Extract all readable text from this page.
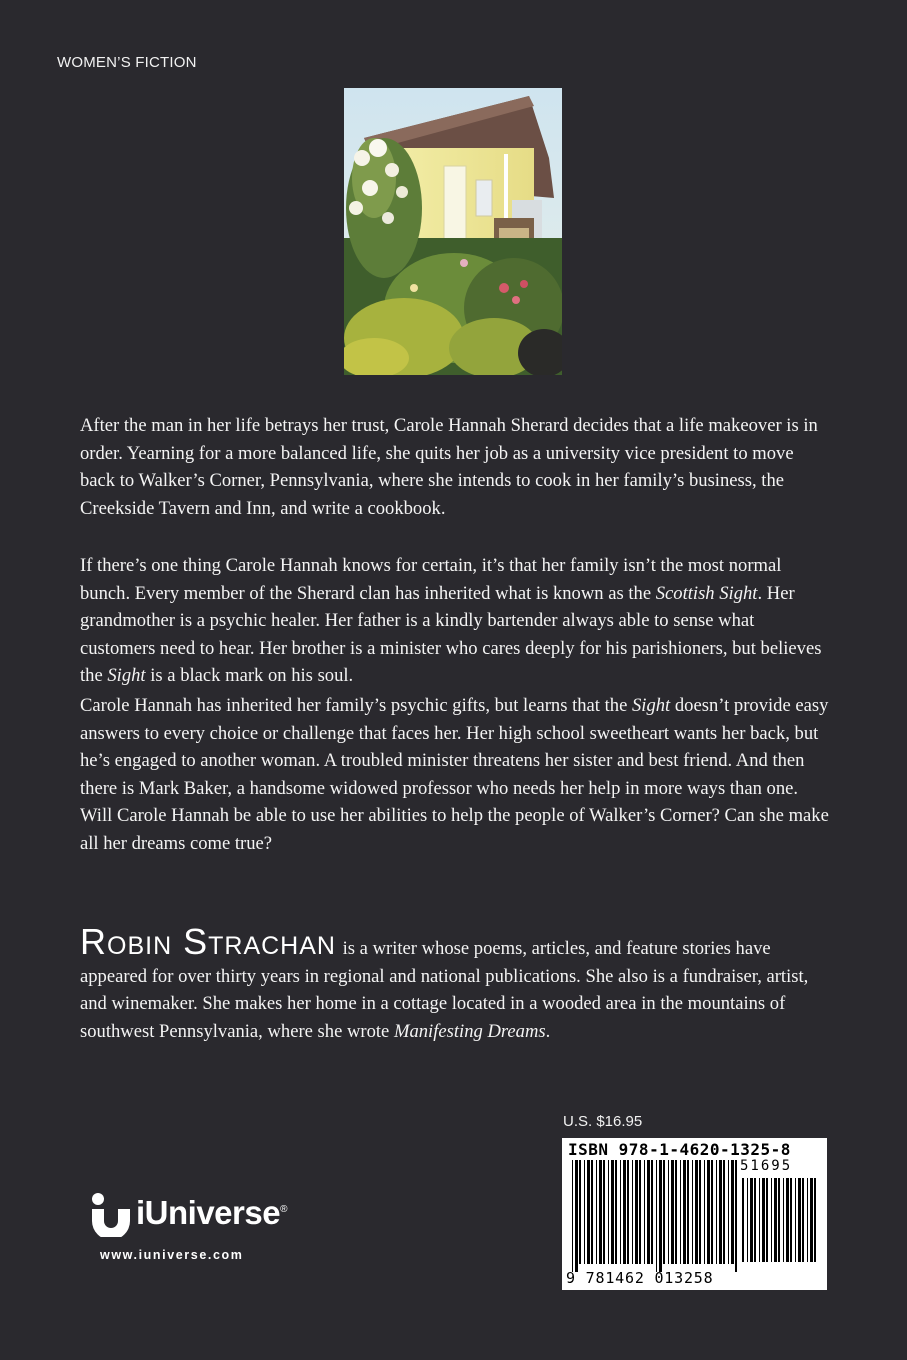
WOMEN’S FICTION

After the man in her life betrays her trust, Carole Hannah Sherard decides that a life makeover is in order. Yearning for a more balanced life, she quits her job as a university vice president to move back to Walker’s Corner, Pennsylvania, where she intends to cook in her family’s business, the Creekside Tavern and Inn, and write a cookbook.

If there’s one thing Carole Hannah knows for certain, it’s that her family isn’t the most normal bunch. Every member of the Sherard clan has inherited what is known as the Scottish Sight. Her grandmother is a psychic healer. Her father is a kindly bartender always able to sense what customers need to hear. Her brother is a minister who cares deeply for his parishioners, but believes the Sight is a black mark on his soul.

Carole Hannah has inherited her family’s psychic gifts, but learns that the Sight doesn’t provide easy answers to every choice or challenge that faces her. Her high school sweetheart wants her back, but he’s engaged to another woman. A troubled minister threatens her sister and best friend. And then there is Mark Baker, a handsome widowed professor who needs her help in more ways than one. Will Carole Hannah be able to use her abilities to help the people of Walker’s Corner? Can she make all her dreams come true?

Robin Strachan is a writer whose poems, articles, and feature stories have appeared for over thirty years in regional and national publications. She also is a fundraiser, artist, and winemaker. She makes her home in a cottage located in a wooded area in the mountains of southwest Pennsylvania, where she wrote Manifesting Dreams.

U.S. $16.95
ISBN 978-1-4620-1325-8
51695
9 781462 013258
iUniverse®
www.iuniverse.com
